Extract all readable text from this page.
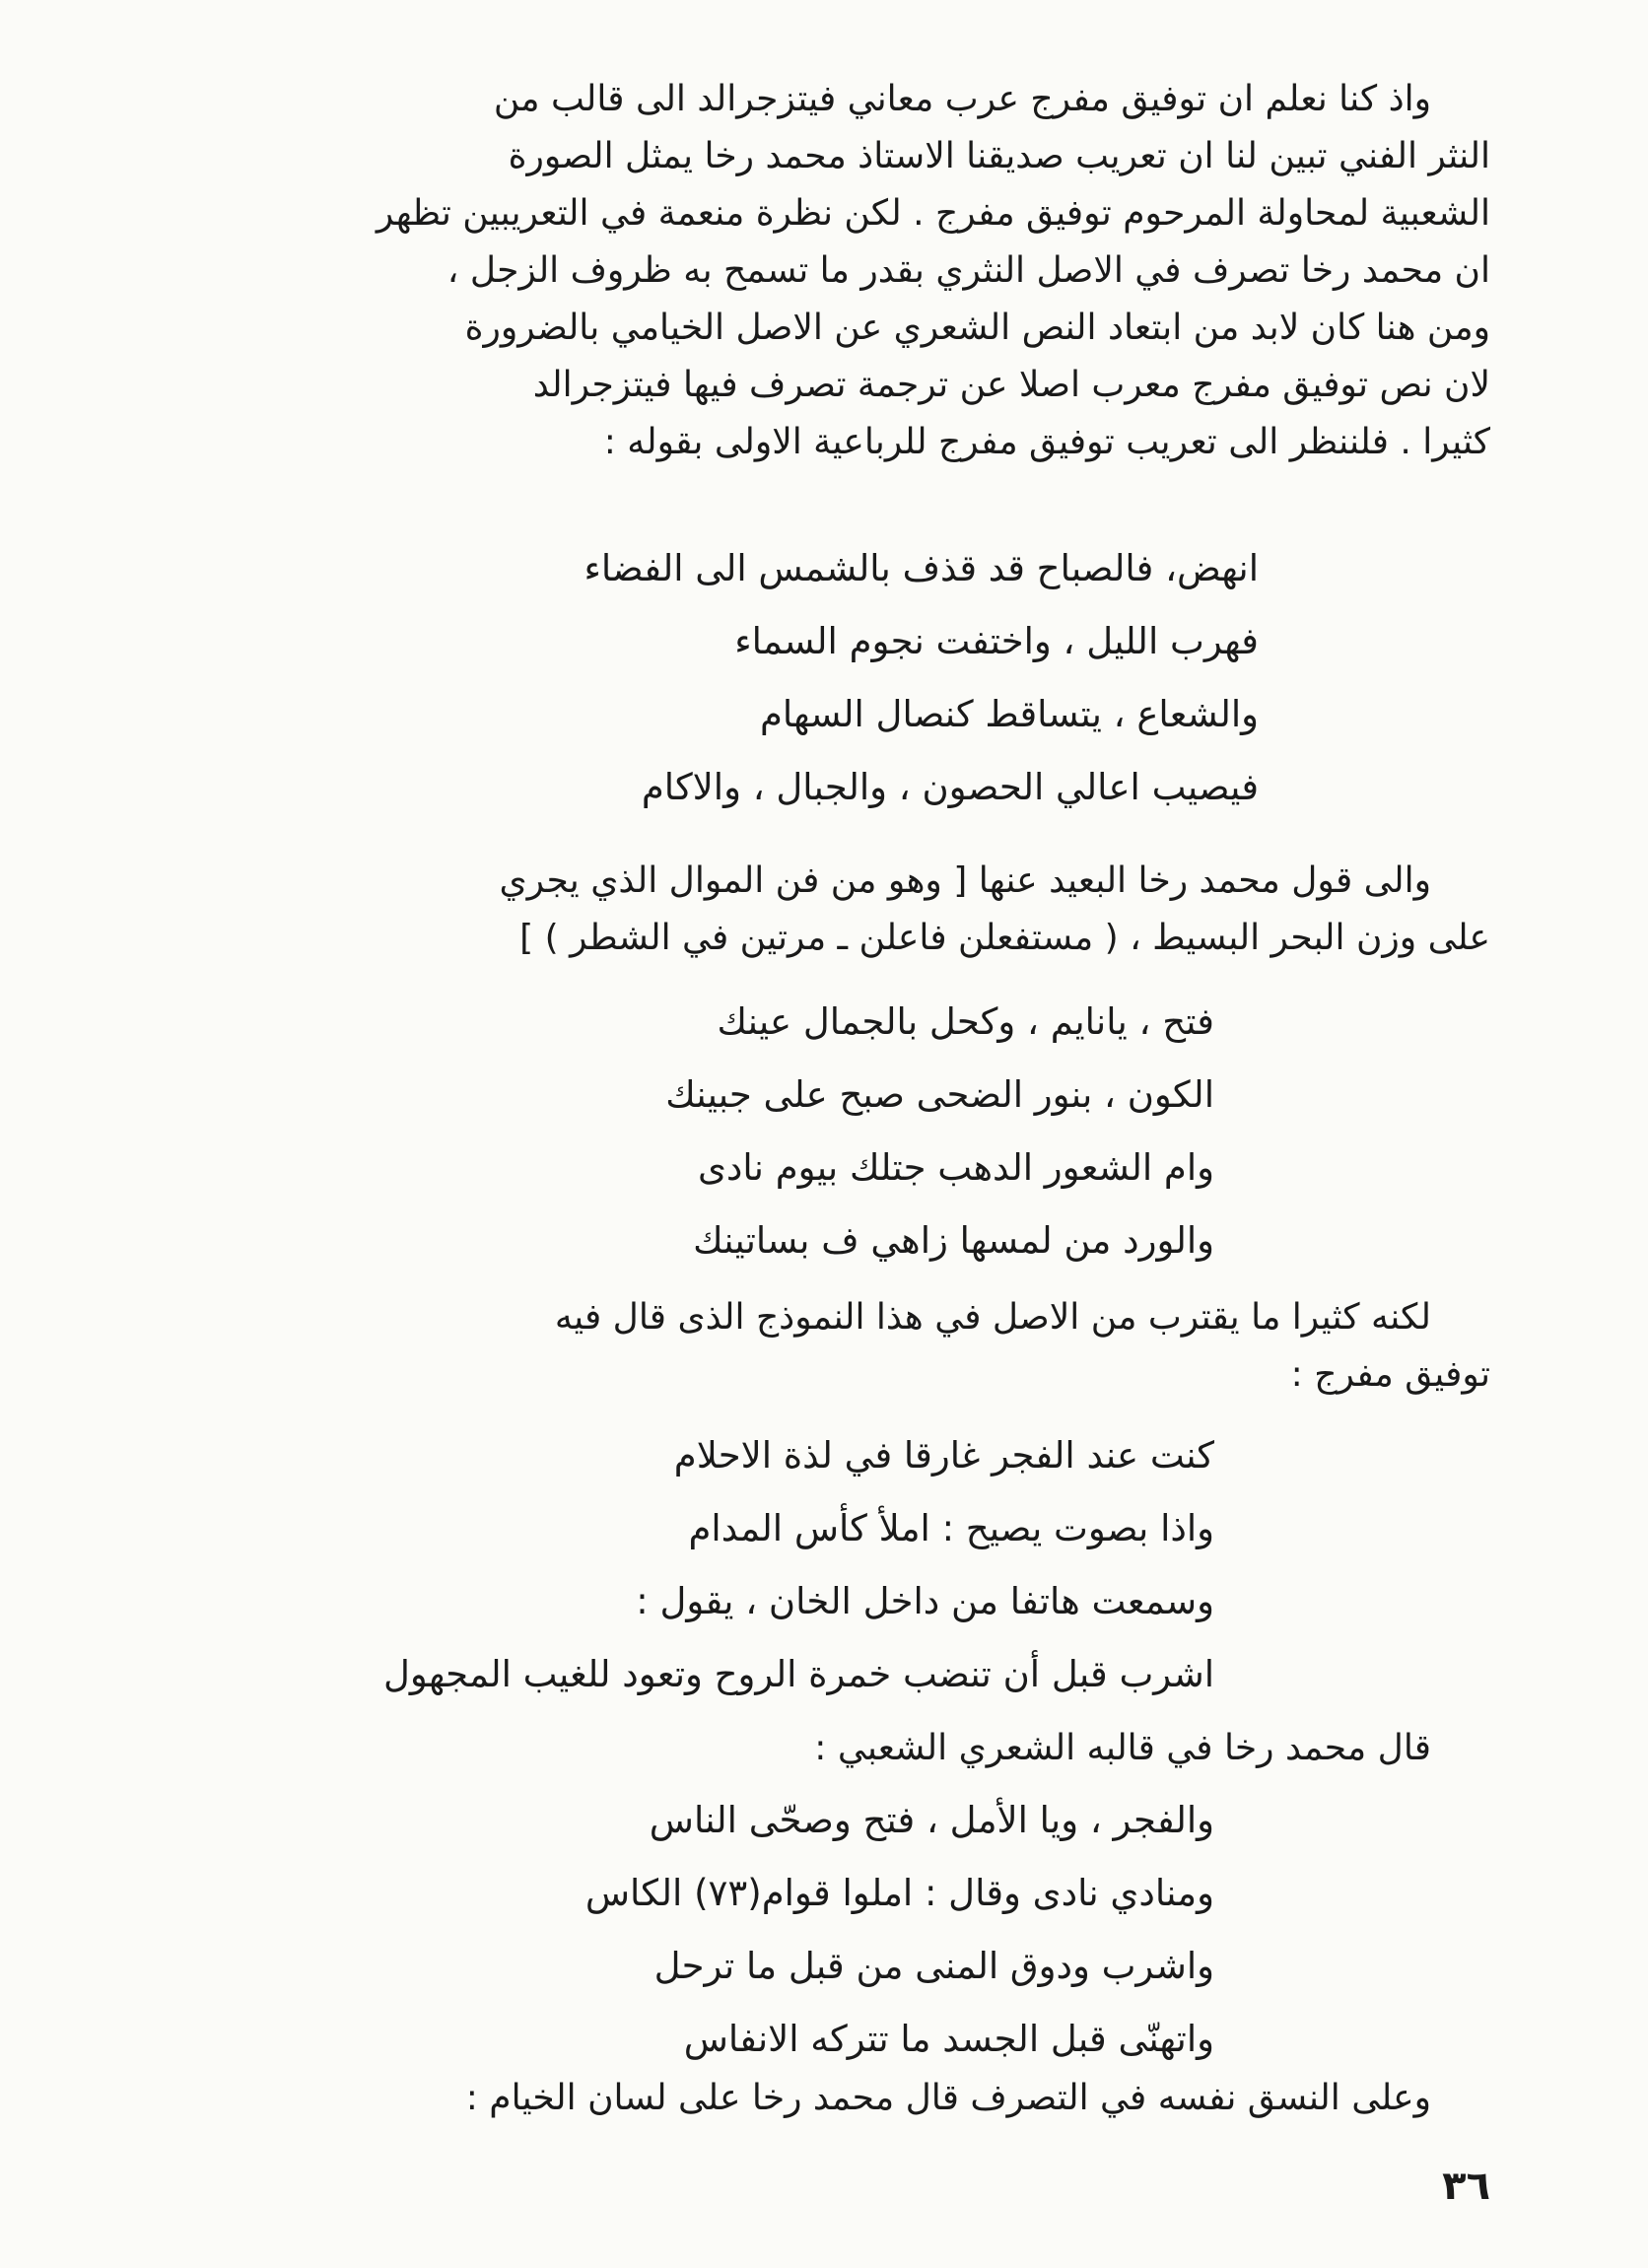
واذ كنا نعلم ان توفيق مفرج عرب معاني فيتزجرالد الى قالب من
النثر الفني تبين لنا ان تعريب صديقنا الاستاذ محمد رخا يمثل الصورة
الشعبية لمحاولة المرحوم توفيق مفرج . لكن نظرة منعمة في التعريبين تظهر
ان محمد رخا تصرف في الاصل النثري بقدر ما تسمح به ظروف الزجل ،
ومن هنا كان لابد من ابتعاد النص الشعري عن الاصل الخيامي بالضرورة
لان نص توفيق مفرج معرب اصلا عن ترجمة تصرف فيها فيتزجرالد
كثيرا . فلننظر الى تعريب توفيق مفرج للرباعية الاولى بقوله :
انهض، فالصباح قد قذف بالشمس الى الفضاء
فهرب الليل ، واختفت نجوم السماء
والشعاع ، يتساقط كنصال السهام
فيصيب اعالي الحصون ، والجبال ، والاكام
والى قول محمد رخا البعيد عنها [ وهو من فن الموال الذي يجري
على وزن البحر البسيط ، ( مستفعلن فاعلن ـ مرتين في الشطر ) ]
فتح ، يانايم ، وكحل بالجمال عينك
الكون ، بنور الضحى صبح على جبينك
وام الشعور الدهب جتلك بيوم نادى
والورد من لمسها زاهي ف بساتينك
لكنه كثيرا ما يقترب من الاصل في هذا النموذج الذى قال فيه
توفيق مفرج :
كنت عند الفجر غارقا في لذة الاحلام
واذا بصوت يصيح : املأ كأس المدام
وسمعت هاتفا من داخل الخان ، يقول :
اشرب قبل أن تنضب خمرة الروح وتعود للغيب المجهول
قال محمد رخا في قالبه الشعري الشعبي :
والفجر ، ويا الأمل ، فتح وصحّى الناس
ومنادي نادى وقال : املوا قوام(٧٣) الكاس
واشرب ودوق المنى من قبل ما ترحل
واتهنّى قبل الجسد ما تتركه الانفاس
وعلى النسق نفسه في التصرف قال محمد رخا على لسان الخيام :
٣٦
